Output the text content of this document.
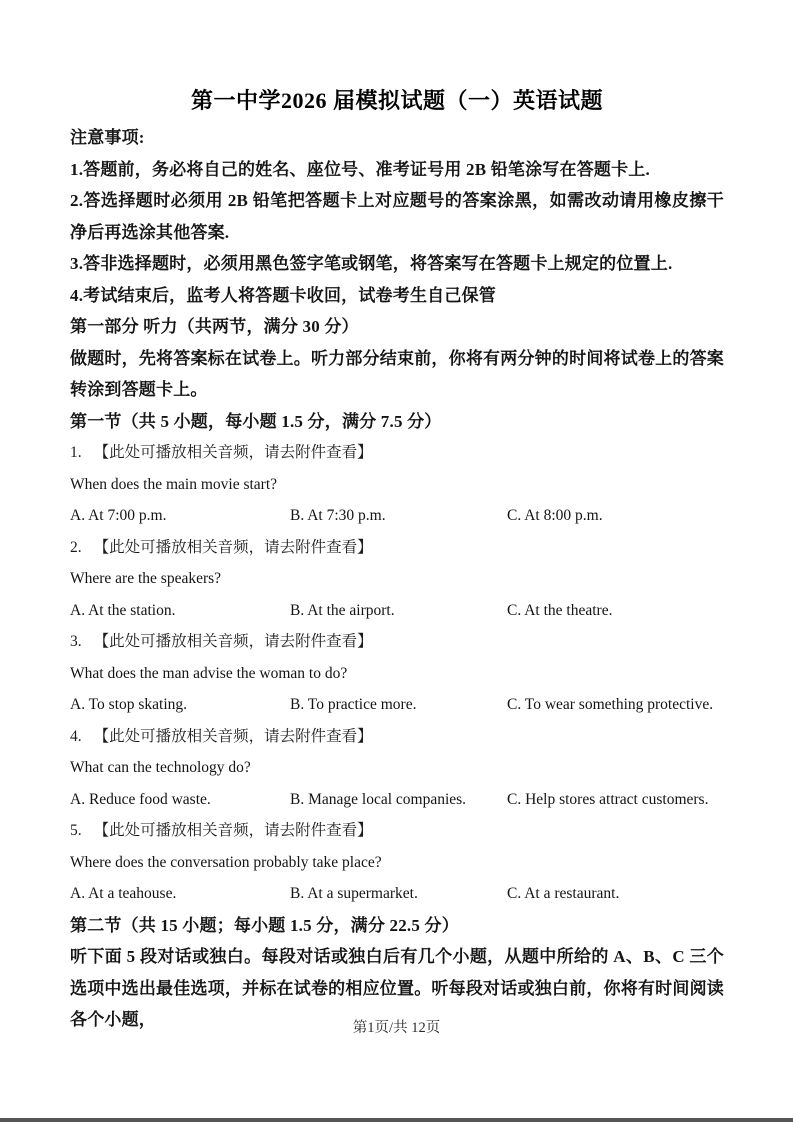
第一中学2026 届模拟试题（一）英语试题

注意事项:

1.答题前，务必将自己的姓名、座位号、准考证号用 2B 铅笔涂写在答题卡上.

2.答选择题时必须用 2B 铅笔把答题卡上对应题号的答案涂黑，如需改动请用橡皮擦干净后再选涂其他答案.

3.答非选择题时，必须用黑色签字笔或钢笔，将答案写在答题卡上规定的位置上.

4.考试结束后，监考人将答题卡收回，试卷考生自己保管

第一部分 听力（共两节，满分 30 分）

做题时，先将答案标在试卷上。听力部分结束前，你将有两分钟的时间将试卷上的答案转涂到答题卡上。

第一节（共 5 小题，每小题 1.5 分，满分 7.5 分）

1. 【此处可播放相关音频，请去附件查看】

When does the main movie start?

A. At 7:00 p.m.	B. At 7:30 p.m.	C. At 8:00 p.m.

2. 【此处可播放相关音频，请去附件查看】

Where are the speakers?

A. At the station.	B. At the airport.	C. At the theatre.

3. 【此处可播放相关音频，请去附件查看】

What does the man advise the woman to do?

A. To stop skating.	B. To practice more.	C. To wear something protective.

4. 【此处可播放相关音频，请去附件查看】

What can the technology do?

A. Reduce food waste.	B. Manage local companies.	C. Help stores attract customers.

5. 【此处可播放相关音频，请去附件查看】

Where does the conversation probably take place?

A. At a teahouse.	B. At a supermarket.	C. At a restaurant.

第二节（共 15 小题；每小题 1.5 分，满分 22.5 分）

听下面 5 段对话或独白。每段对话或独白后有几个小题，从题中所给的 A、B、C 三个选项中选出最佳选项，并标在试卷的相应位置。听每段对话或独白前，你将有时间阅读各个小题，	第1页/共 12页
